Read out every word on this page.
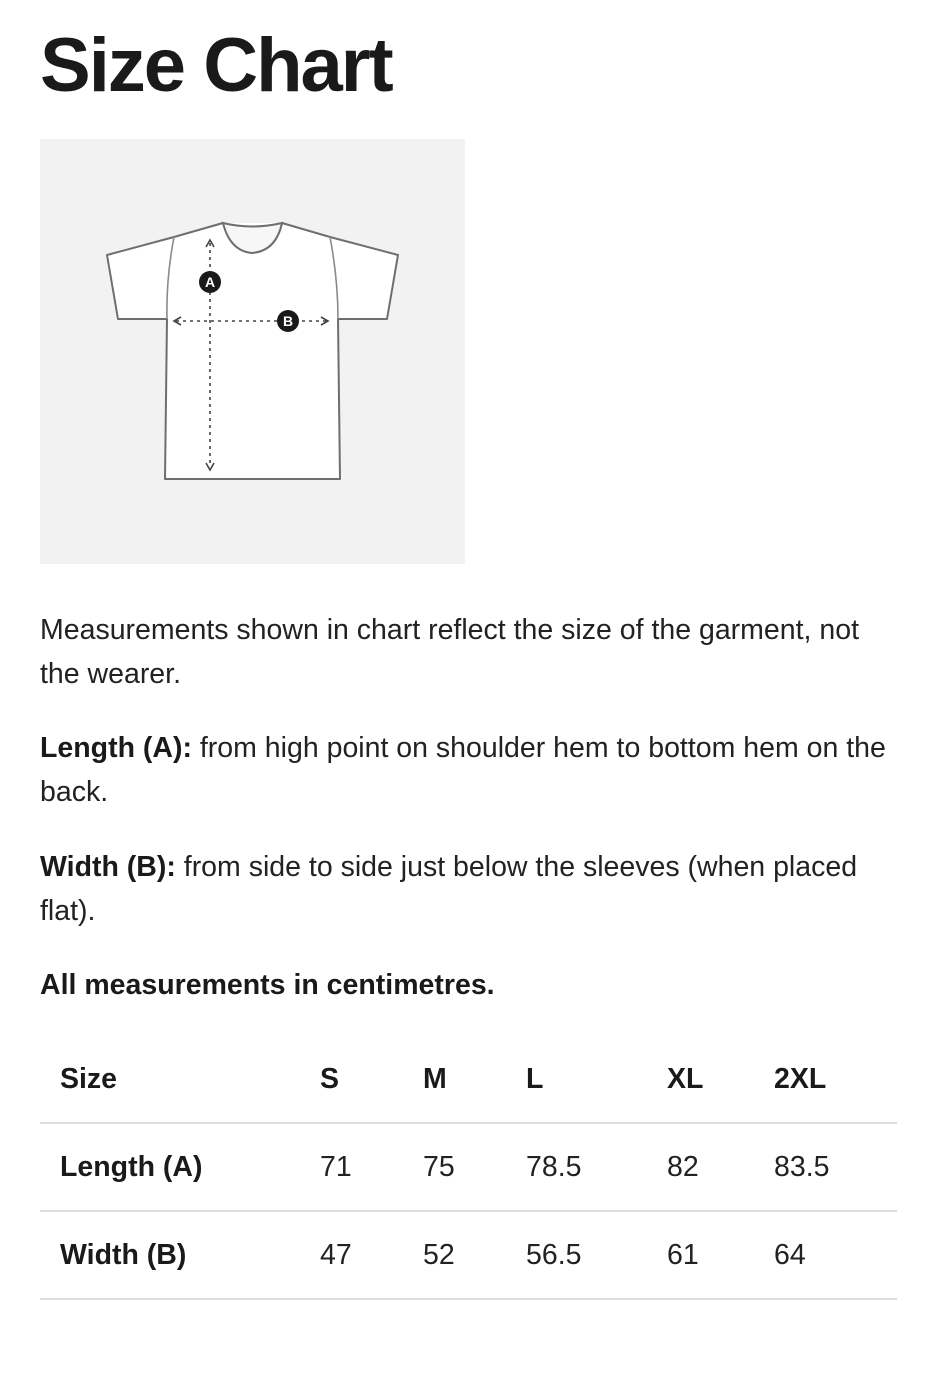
Size Chart
A
B

Measurements shown in chart reflect the size of the garment, not the wearer.

Length (A): from high point on shoulder hem to bottom hem on the back.

Width (B): from side to side just below the sleeves (when placed flat).

All measurements in centimetres.

Size	S	M	L	XL	2XL
Length (A)	71	75	78.5	82	83.5
Width (B)	47	52	56.5	61	64
